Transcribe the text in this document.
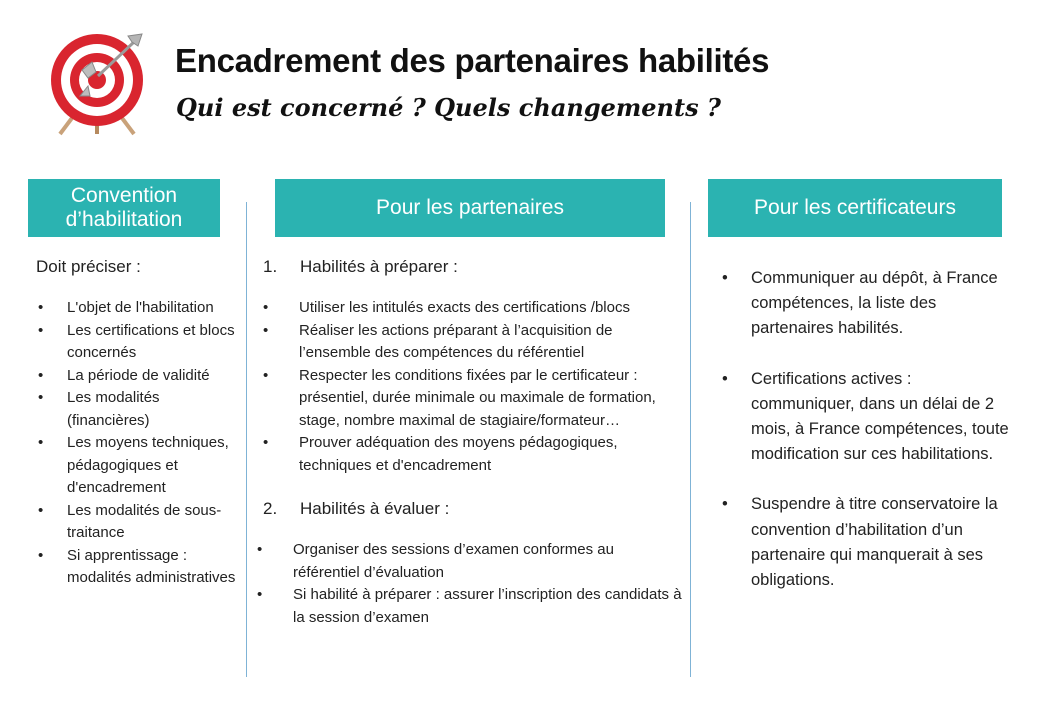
Encadrement des partenaires habilités
Qui est concerné ? Quels changements ?
Convention d’habilitation
Pour les partenaires	Pour les certificateurs

Doit préciser :

• L'objet de l'habilitation
• Les certifications et blocs concernés
• La période de validité
• Les modalités (financières)
• Les moyens techniques, pédagogiques et d'encadrement
• Les modalités de sous-traitance
• Si apprentissage : modalités administratives
1.	Habilités à préparer :
• Utiliser les intitulés exacts des certifications /blocs
• Réaliser les actions préparant à l’acquisition de l’ensemble des compétences du référentiel
• Respecter les conditions fixées par le certificateur : présentiel, durée minimale ou maximale de formation, stage, nombre maximal de stagiaire/formateur…
• Prouver adéquation des moyens pédagogiques, techniques et d'encadrement
2.	Habilités à évaluer :
• Organiser des sessions d’examen conformes au référentiel d’évaluation
• Si habilité à préparer : assurer l’inscription des candidats à la session d’examen
• Communiquer au dépôt, à France compétences, la liste des partenaires habilités.
• Certifications actives : communiquer, dans un délai de 2 mois, à France compétences, toute modification sur ces habilitations.
• Suspendre à titre conservatoire la convention d’habilitation d’un partenaire qui manquerait à ses obligations.
